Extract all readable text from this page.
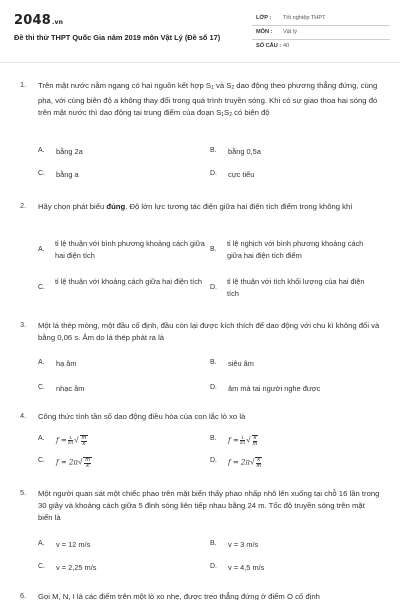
2048.vn
Đề thi thử THPT Quốc Gia năm 2019 môn Vật Lý (Đề số 17)
LỚP : Tốt nghiệp THPT
MÔN : Vật lý
SỐ CÂU : 40
1. Trên mặt nước nằm ngang có hai nguồn kết hợp $S_1$ và $S_2$ dao động theo phương thẳng đứng, cùng pha, với cùng biên độ a không thay đổi trong quá trình truyền sóng. Khi có sự giao thoa hai sóng đó trên mặt nước thì dao động tại trung điểm của đoạn $S_1S_2$ có biên độ
A. bằng 2a	B. bằng 0,5a
C. bằng a	D. cực tiểu
2. Hãy chọn phát biểu đúng. Độ lớn lực tương tác điện giữa hai điện tích điểm trong không khí
A.
tỉ lệ thuận với bình phương khoảng cách giữa hai điện tích
B.
tỉ lệ nghịch với bình phương khoảng cách giữa hai điện tích điểm
C.
tỉ lệ thuận với khoảng cách giữa hai điện tích
D.
tỉ lệ thuận với tích khối lượng của hai điện tích
3. Một lá thép mỏng, một đầu cố định, đầu còn lại được kích thích để dao động với chu kì không đổi và bằng 0,06 s. Âm do lá thép phát ra là
A. hạ âm	B. siêu âm
C. nhạc âm	D. âm mà tai người nghe được
4. Công thức tính tần số dao động điều hòa của con lắc lò xo là
A. $f = \frac{1}{2\pi}√ \frac{m}{k}$	B. $f = \frac{1}{2\pi}√ \frac{k}{m}$
C. $f = 2\pi√ \frac{m}{k}$	D. $f = 2\pi√ \frac{k}{m}$
5. Một người quan sát một chiếc phao trên mặt biển thấy phao nhấp nhô lên xuống tại chỗ 16 lần trong 30 giây và khoảng cách giữa 5 đỉnh sóng liên tiếp nhau bằng 24 m. Tốc độ truyền sóng trên mặt biển là
A. v = 12 m/s	B. v = 3 m/s
C. v = 2,25 m/s	D. v = 4,5 m/s
6. Gọi M, N, I là các điểm trên một lò xo nhẹ, được treo thẳng đứng ở điểm O cố định
